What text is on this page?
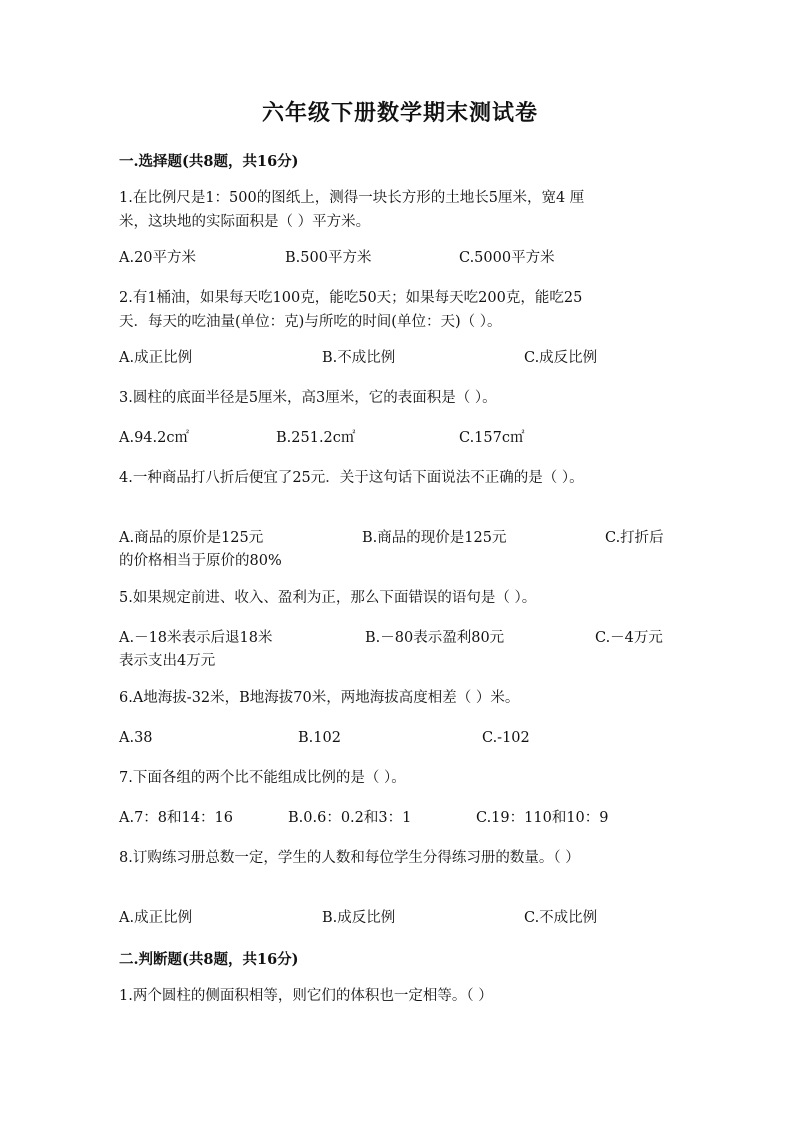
六年级下册数学期末测试卷
一.选择题(共8题，共16分)
1.在比例尺是1：500的图纸上，测得一块长方形的土地长5厘米，宽4 厘
米，这块地的实际面积是（ ）平方米。
A.20平方米	B.500平方米	C.5000平方米
2.有1桶油，如果每天吃100克，能吃50天；如果每天吃200克，能吃25
天．每天的吃油量(单位：克)与所吃的时间(单位：天)（ ）。
A.成正比例	B.不成比例	C.成反比例
3.圆柱的底面半径是5厘米，高3厘米，它的表面积是（ ）。
A.94.2c㎡	B.251.2c㎡	C.157c㎡
4.一种商品打八折后便宜了25元．关于这句话下面说法不正确的是（ ）。
A.商品的原价是125元	B.商品的现价是125元	C.打折后
的价格相当于原价的80%
5.如果规定前进、收入、盈利为正，那么下面错误的语句是（ ）。
A.－18米表示后退18米	B.－80表示盈利80元	C.－4万元
表示支出4万元
6.A地海拔-32米，B地海拔70米，两地海拔高度相差（ ）米。
A.38	B.102	C.-102
7.下面各组的两个比不能组成比例的是（ ）。
A.7：8和14：16	B.0.6：0.2和3：1	C.19：110和10：9
8.订购练习册总数一定，学生的人数和每位学生分得练习册的数量。（ ）
A.成正比例	B.成反比例	C.不成比例
二.判断题(共8题，共16分)
1.两个圆柱的侧面积相等，则它们的体积也一定相等。（ ）
